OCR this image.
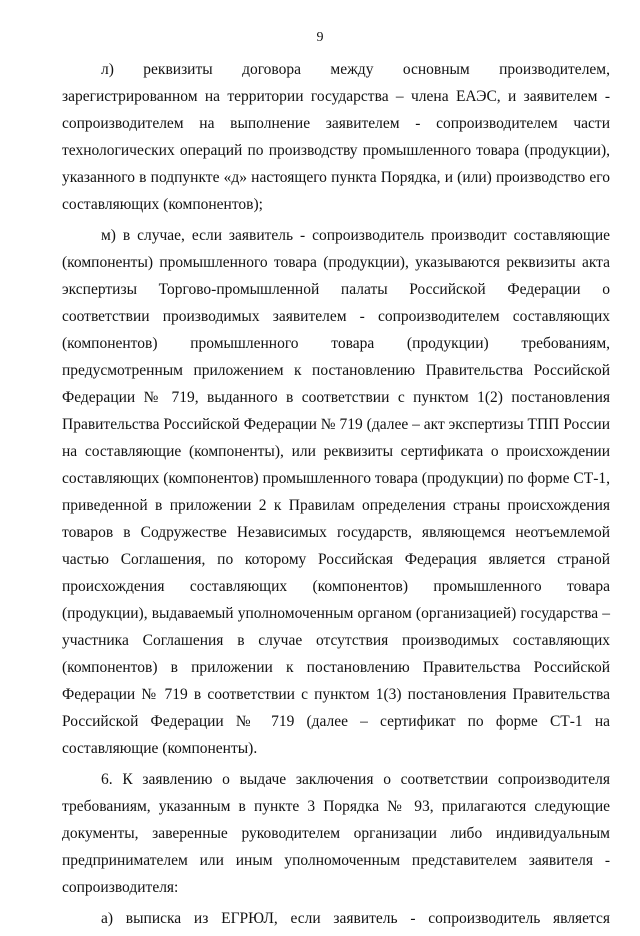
9

л) реквизиты договора между основным производителем, зарегистрированном на территории государства – члена ЕАЭС, и заявителем - сопроизводителем на выполнение заявителем - сопроизводителем части технологических операций по производству промышленного товара (продукции), указанного в подпункте «д» настоящего пункта Порядка, и (или) производство его составляющих (компонентов);

м) в случае, если заявитель - сопроизводитель производит составляющие (компоненты) промышленного товара (продукции), указываются реквизиты акта экспертизы Торгово-промышленной палаты Российской Федерации о соответствии производимых заявителем - сопроизводителем составляющих (компонентов) промышленного товара (продукции) требованиям, предусмотренным приложением к постановлению Правительства Российской Федерации № 719, выданного в соответствии с пунктом 1(2) постановления Правительства Российской Федерации № 719 (далее – акт экспертизы ТПП России на составляющие (компоненты), или реквизиты сертификата о происхождении составляющих (компонентов) промышленного товара (продукции) по форме СТ-1, приведенной в приложении 2 к Правилам определения страны происхождения товаров в Содружестве Независимых государств, являющемся неотъемлемой частью Соглашения, по которому Российская Федерация является страной происхождения составляющих (компонентов) промышленного товара (продукции), выдаваемый уполномоченным органом (организацией) государства – участника Соглашения в случае отсутствия производимых составляющих (компонентов) в приложении к постановлению Правительства Российской Федерации № 719 в соответствии с пунктом 1(3) постановления Правительства Российской Федерации № 719 (далее – сертификат по форме СТ-1 на составляющие (компоненты).

6. К заявлению о выдаче заключения о соответствии сопроизводителя требованиям, указанным в пункте 3 Порядка № 93, прилагаются следующие документы, заверенные руководителем организации либо индивидуальным предпринимателем или иным уполномоченным представителем заявителя - сопроизводителя:

а) выписка из ЕГРЮЛ, если заявитель - сопроизводитель является
